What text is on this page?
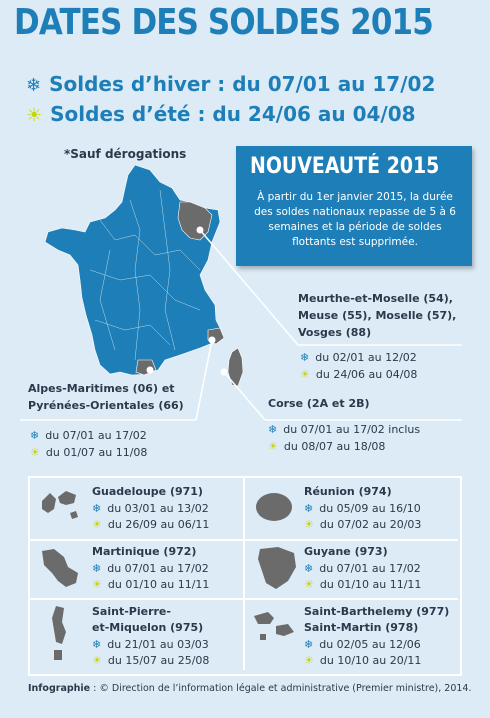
DATES DES SOLDES 2015
❄ Soldes d’hiver : du 07/01 au 17/02
☀ Soldes d’été : du 24/06 au 04/08
*Sauf dérogations	NOUVEAUTÉ 2015
À partir du 1er janvier 2015, la durée des soldes nationaux repasse de 5 à 6 semaines et la période de soldes flottants est supprimée.
Meurthe-et-Moselle (54),
Meuse (55), Moselle (57),
Vosges (88)
❄ du 02/01 au 12/02
☀ du 24/06 au 04/08
Alpes-Maritimes (06) et
Pyrénées-Orientales (66)
❄ du 07/01 au 17/02
☀ du 01/07 au 11/08
Corse (2A et 2B)
❄ du 07/01 au 17/02 inclus
☀ du 08/07 au 18/08
Guadeloupe (971)
❄ du 03/01 au 13/02
☀ du 26/09 au 06/11
Réunion (974)
❄ du 05/09 au 16/10
☀ du 07/02 au 20/03
Martinique (972)
❄ du 07/01 au 17/02
☀ du 01/10 au 11/11
Guyane (973)
❄ du 07/01 au 17/02
☀ du 01/10 au 11/11
Saint-Pierre-
et-Miquelon (975)
❄ du 21/01 au 03/03
☀ du 15/07 au 25/08
Saint-Barthelemy (977)
Saint-Martin (978)
❄ du 02/05 au 12/06
☀ du 10/10 au 20/11
Infographie : © Direction de l’information légale et administrative (Premier ministre), 2014.
